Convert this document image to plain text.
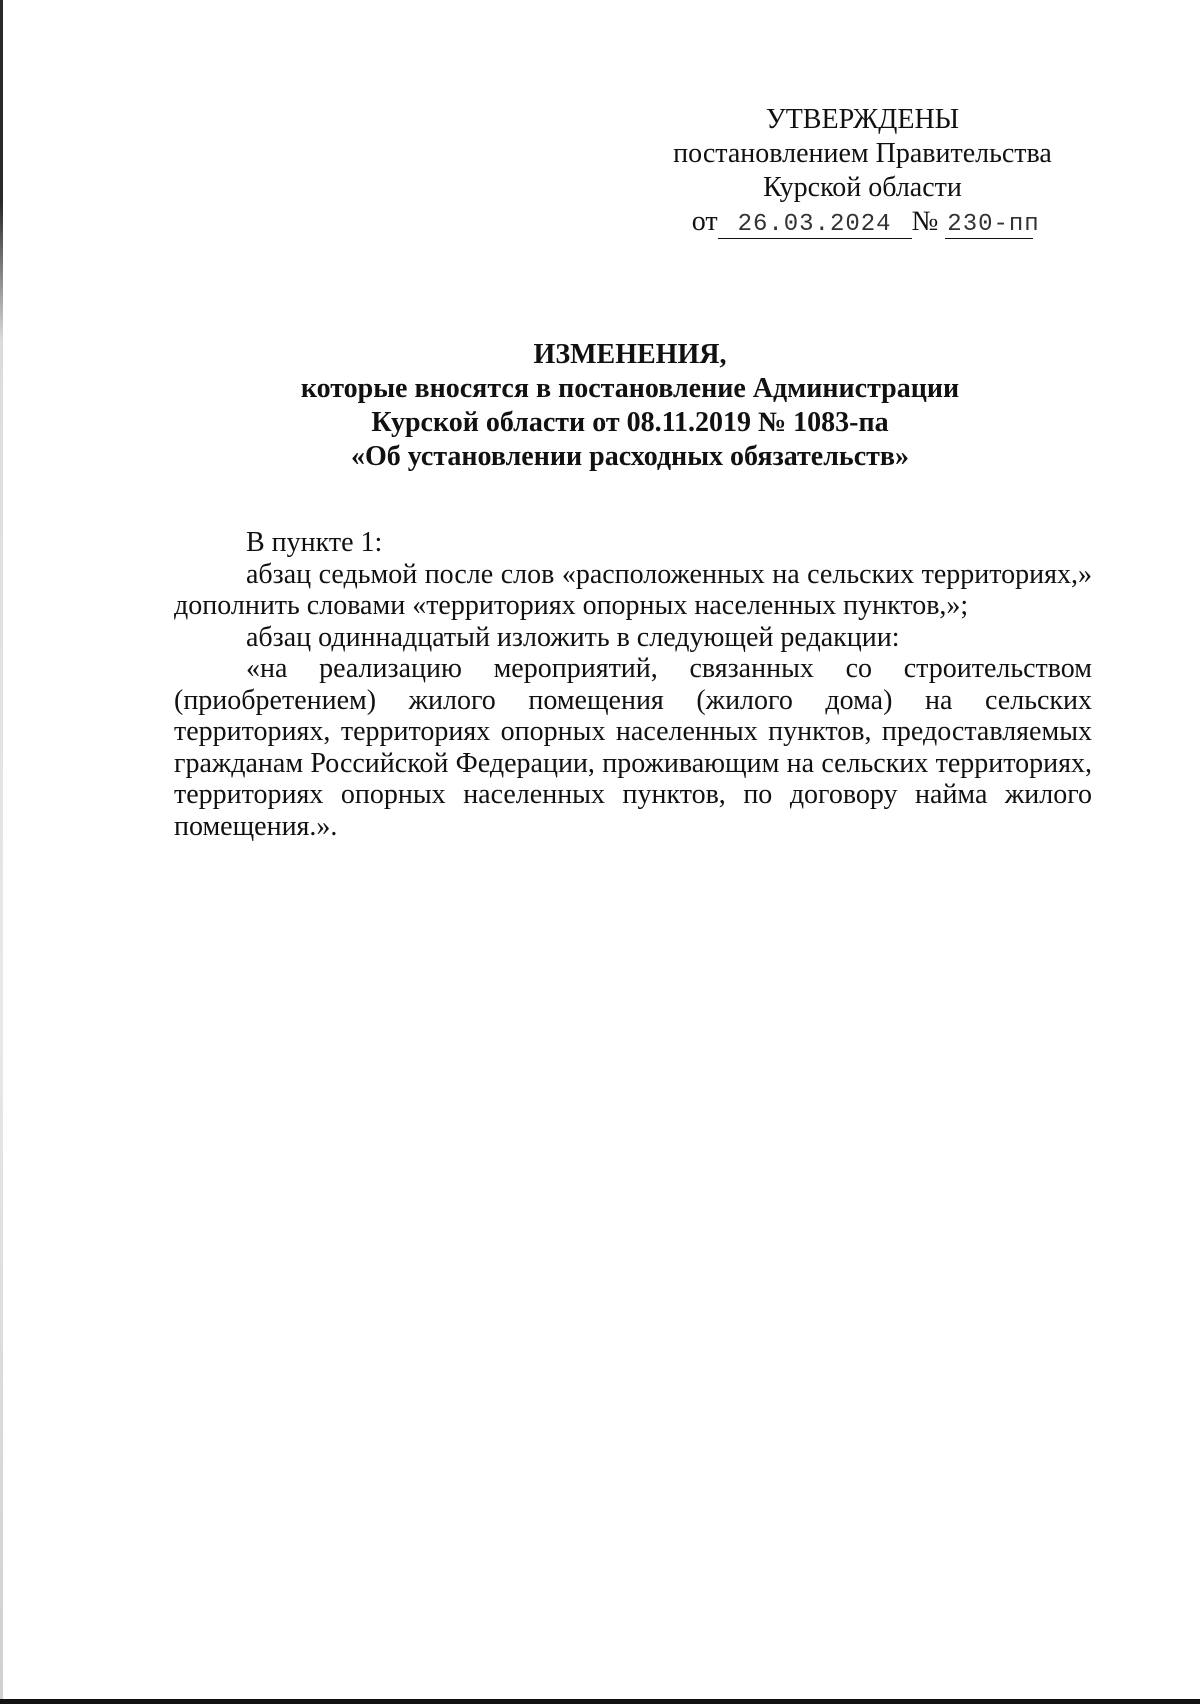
УТВЕРЖДЕНЫ
постановлением Правительства
Курской области
от 26.03.2024 № 230-пп
ИЗМЕНЕНИЯ,
которые вносятся в постановление Администрации
Курской области от 08.11.2019 № 1083-па
«Об установлении расходных обязательств»

В пункте 1:

абзац седьмой после слов «расположенных на сельских территориях,» дополнить словами «территориях опорных населенных пунктов,»;

абзац одиннадцатый изложить в следующей редакции:

«на реализацию мероприятий, связанных со строительством (приобретением) жилого помещения (жилого дома) на сельских территориях, территориях опорных населенных пунктов, предоставляемых гражданам Российской Федерации, проживающим на сельских территориях, территориях опорных населенных пунктов, по договору найма жилого помещения.».
